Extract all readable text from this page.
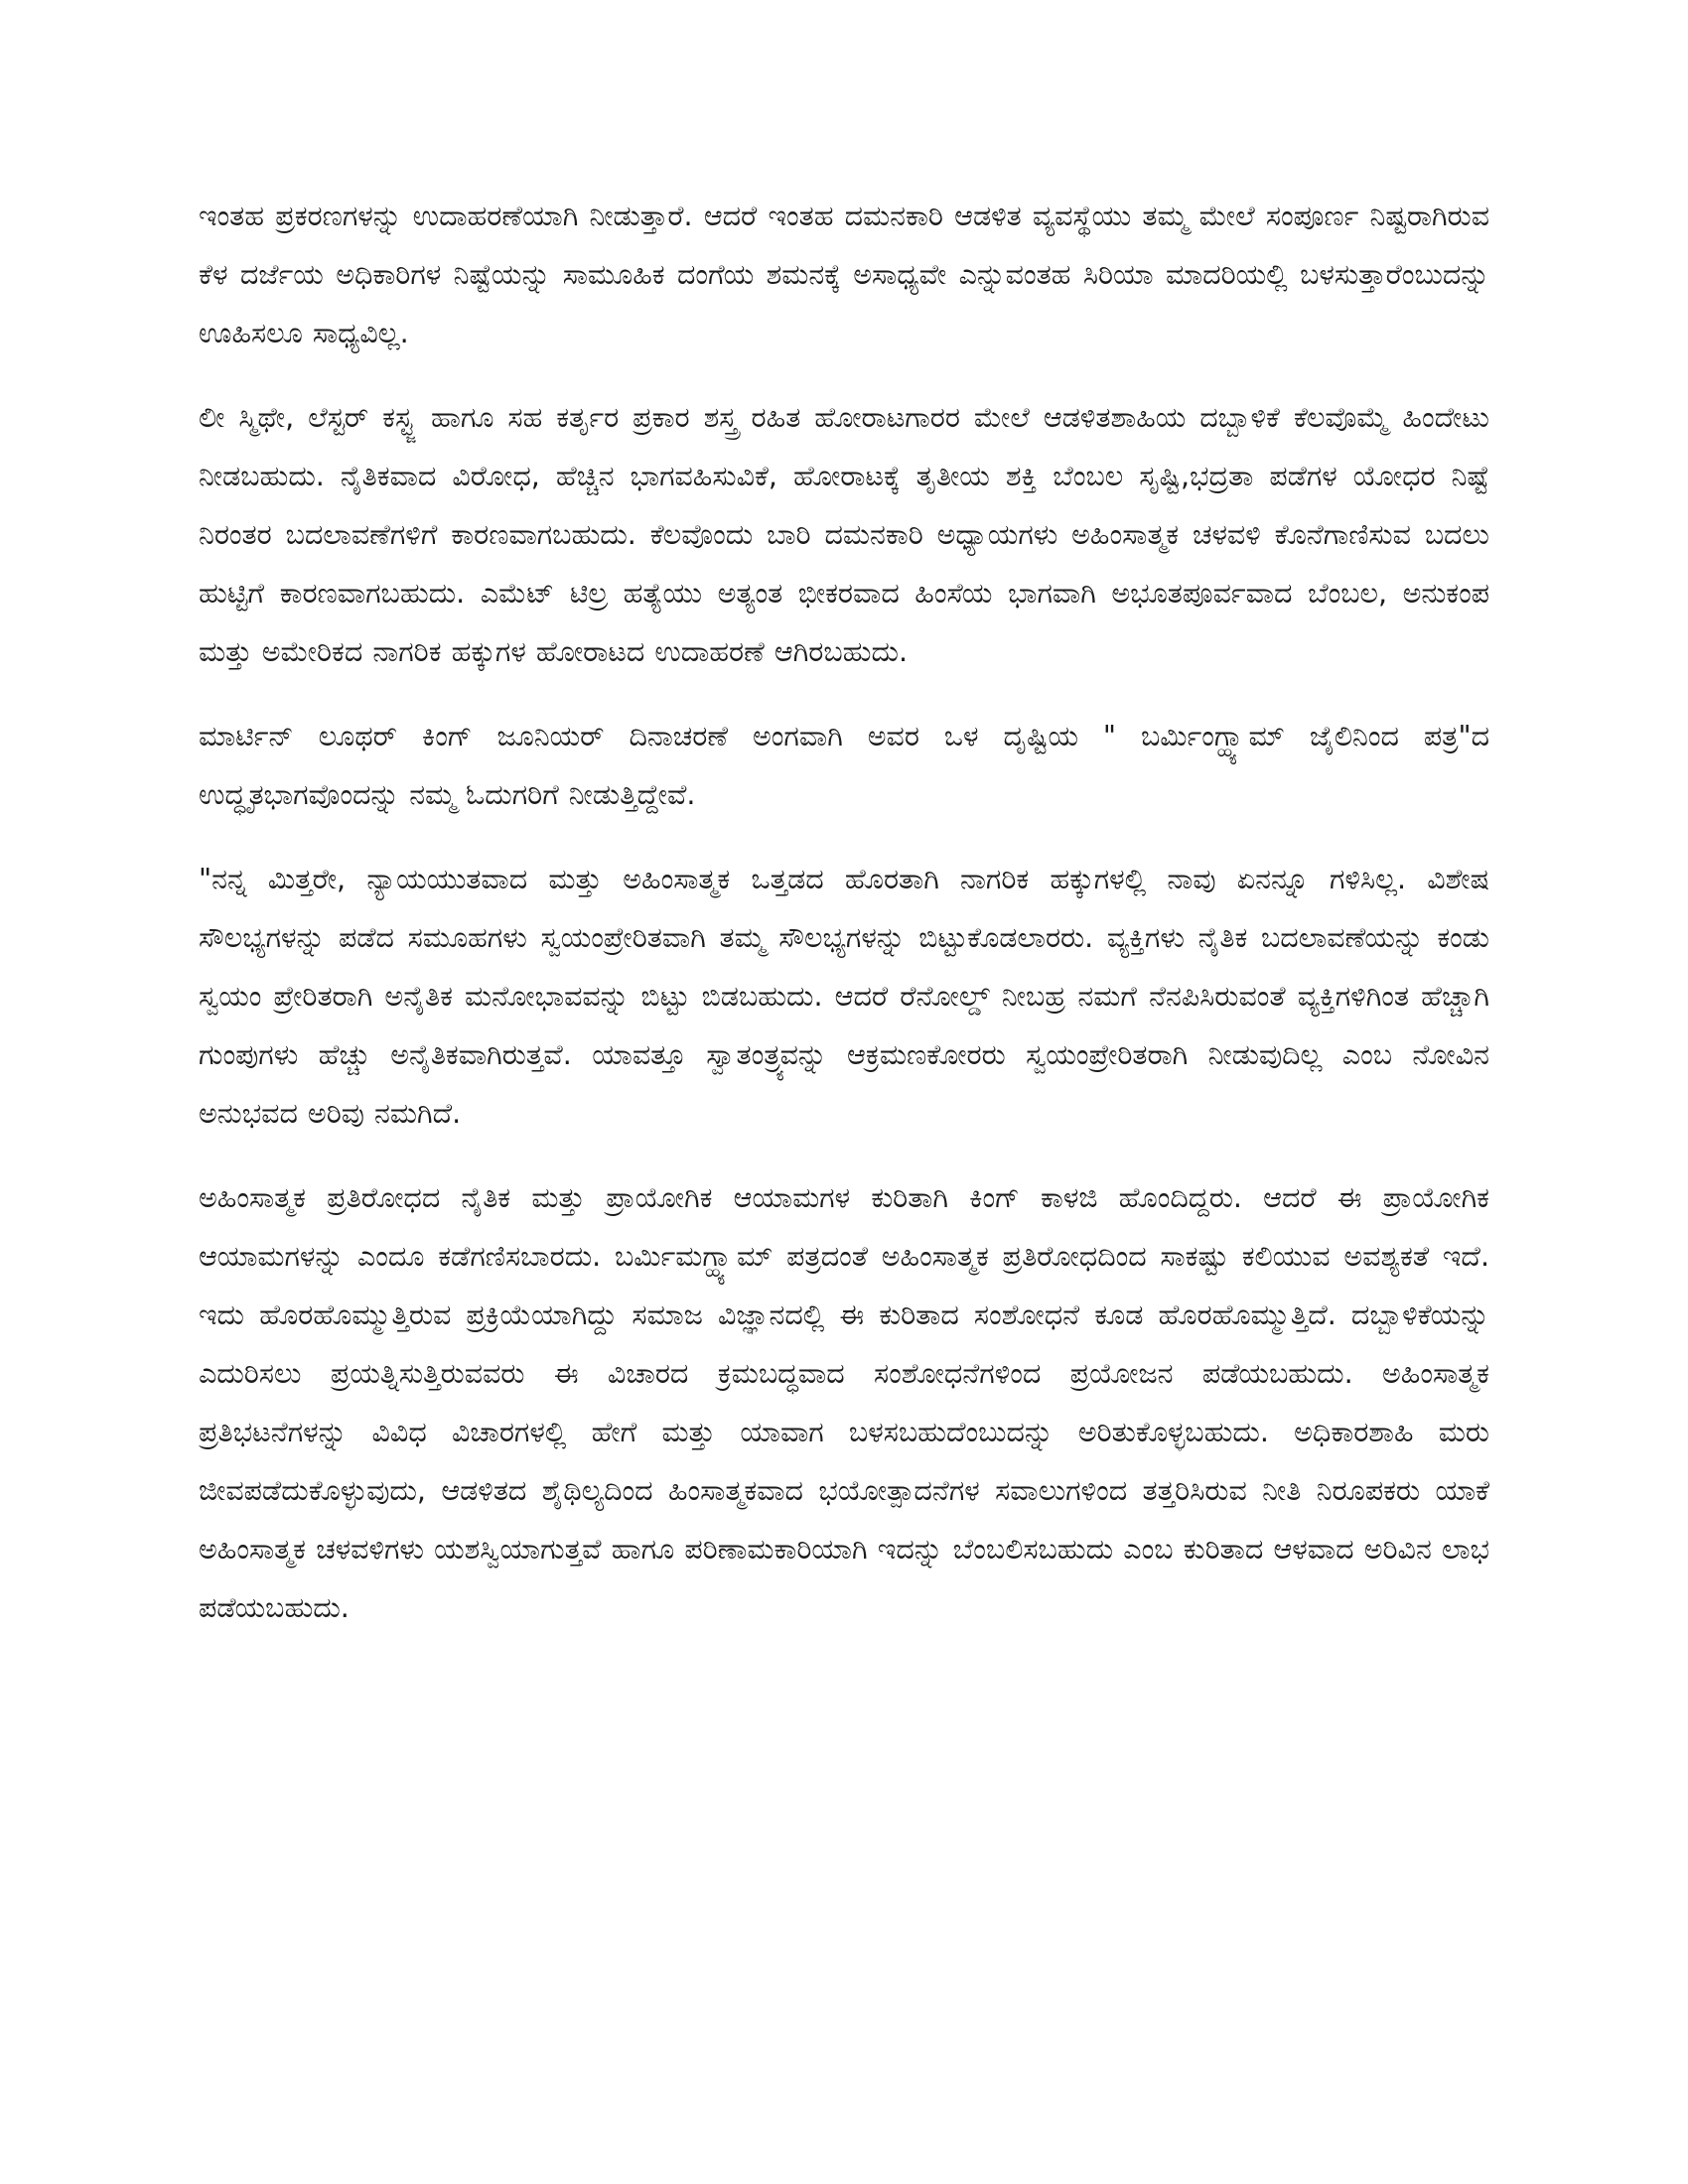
ಇಂತಹ ಪ್ರಕರಣಗಳನ್ನು ಉದಾಹರಣೆಯಾಗಿ ನೀಡುತ್ತಾರೆ. ಆದರೆ ಇಂತಹ ದಮನಕಾರಿ ಆಡಳಿತ ವ್ಯವಸ್ಥೆಯು ತಮ್ಮ ಮೇಲೆ ಸಂಪೂರ್ಣ ನಿಷ್ಟರಾಗಿರುವ ಕೆಳ ದರ್ಜೆಯ ಅಧಿಕಾರಿಗಳ ನಿಷ್ಟೆಯನ್ನು ಸಾಮೂಹಿಕ ದಂಗೆಯ ಶಮನಕ್ಕೆ ಅಸಾಧ್ಯವೇ ಎನ್ನುವಂತಹ ಸಿರಿಯಾ ಮಾದರಿಯಲ್ಲಿ ಬಳಸುತ್ತಾರೆಂಬುದನ್ನು ಊಹಿಸಲೂ ಸಾಧ್ಯವಿಲ್ಲ.

ಲೀ ಸ್ಮಿಥೇ, ಲೆಸ್ಟರ್ ಕಸ್ಟ್ಜ ಹಾಗೂ ಸಹ ಕರ್ತೃರ ಪ್ರಕಾರ ಶಸ್ತ್ರ ರಹಿತ ಹೋರಾಟಗಾರರ ಮೇಲೆ ಆಡಳಿತಶಾಹಿಯ ದಬ್ಬಾಳಿಕೆ ಕೆಲವೊಮ್ಮೆ ಹಿಂದೇಟು ನೀಡಬಹುದು. ನೈತಿಕವಾದ ವಿರೋಧ, ಹೆಚ್ಚಿನ ಭಾಗವಹಿಸುವಿಕೆ, ಹೋರಾಟಕ್ಕೆ ತೃತೀಯ ಶಕ್ತಿ ಬೆಂಬಲ ಸೃಷ್ಟಿ,ಭದ್ರತಾ ಪಡೆಗಳ ಯೋಧರ ನಿಷ್ಟೆ ನಿರಂತರ ಬದಲಾವಣೆಗಳಿಗೆ ಕಾರಣವಾಗಬಹುದು. ಕೆಲವೊಂದು ಬಾರಿ ದಮನಕಾರಿ ಅಧ್ಯಾಯಗಳು ಅಹಿಂಸಾತ್ಮಕ ಚಳವಳಿ ಕೊನೆಗಾಣಿಸುವ ಬದಲು ಹುಟ್ಟಿಗೆ ಕಾರಣವಾಗಬಹುದು. ಎಮೆಟ್ ಟಿಲ್ರ ಹತ್ಯೆಯು ಅತ್ಯಂತ ಭೀಕರವಾದ ಹಿಂಸೆಯ ಭಾಗವಾಗಿ ಅಭೂತಪೂರ್ವವಾದ ಬೆಂಬಲ, ಅನುಕಂಪ ಮತ್ತು ಅಮೇರಿಕದ ನಾಗರಿಕ ಹಕ್ಕುಗಳ ಹೋರಾಟದ ಉದಾಹರಣೆ ಆಗಿರಬಹುದು.

ಮಾರ್ಟಿನ್ ಲೂಥರ್ ಕಿಂಗ್ ಜೂನಿಯರ್ ದಿನಾಚರಣೆ ಅಂಗವಾಗಿ ಅವರ ಒಳ ದೃಷ್ಟಿಯ " ಬರ್ಮಿಂಗ್ಹ್ಯಾಮ್ ಜೈಲಿನಿಂದ ಪತ್ರ"ದ ಉದ್ಧೃತಭಾಗವೊಂದನ್ನು ನಮ್ಮ ಓದುಗರಿಗೆ ನೀಡುತ್ತಿದ್ದೇವೆ.

"ನನ್ನ ಮಿತ್ತರೇ, ನ್ಯಾಯಯುತವಾದ ಮತ್ತು ಅಹಿಂಸಾತ್ಮಕ ಒತ್ತಡದ ಹೊರತಾಗಿ ನಾಗರಿಕ ಹಕ್ಕುಗಳಲ್ಲಿ ನಾವು ಏನನ್ನೂ ಗಳಿಸಿಲ್ಲ. ವಿಶೇಷ ಸೌಲಭ್ಯಗಳನ್ನು ಪಡೆದ ಸಮೂಹಗಳು ಸ್ವಯಂಪ್ರೇರಿತವಾಗಿ ತಮ್ಮ ಸೌಲಭ್ಯಗಳನ್ನು ಬಿಟ್ಟುಕೊಡಲಾರರು. ವ್ಯಕ್ತಿಗಳು ನೈತಿಕ ಬದಲಾವಣೆಯನ್ನು ಕಂಡು ಸ್ವಯಂ ಪ್ರೇರಿತರಾಗಿ ಅನೈತಿಕ ಮನೋಭಾವವನ್ನು ಬಿಟ್ಟು ಬಿಡಬಹುದು. ಆದರೆ ರೆನೋಲ್ಡ್ ನೀಬಹ್ರ ನಮಗೆ ನೆನಪಿಸಿರುವಂತೆ ವ್ಯಕ್ತಿಗಳಿಗಿಂತ ಹೆಚ್ಚಾಗಿ ಗುಂಪುಗಳು ಹೆಚ್ಚು ಅನೈತಿಕವಾಗಿರುತ್ತವೆ. ಯಾವತ್ತೂ ಸ್ವಾತಂತ್ರ್ಯವನ್ನು ಆಕ್ರಮಣಕೋರರು ಸ್ವಯಂಪ್ರೇರಿತರಾಗಿ ನೀಡುವುದಿಲ್ಲ ಎಂಬ ನೋವಿನ ಅನುಭವದ ಅರಿವು ನಮಗಿದೆ.

ಅಹಿಂಸಾತ್ಮಕ ಪ್ರತಿರೋಧದ ನೈತಿಕ ಮತ್ತು ಪ್ರಾಯೋಗಿಕ ಆಯಾಮಗಳ ಕುರಿತಾಗಿ ಕಿಂಗ್ ಕಾಳಜಿ ಹೊಂದಿದ್ದರು. ಆದರೆ ಈ ಪ್ರಾಯೋಗಿಕ ಆಯಾಮಗಳನ್ನು ಎಂದೂ ಕಡೆಗಣಿಸಬಾರದು. ಬರ್ಮಿಮಗ್ಹ್ಯಾಮ್ ಪತ್ರದಂತೆ ಅಹಿಂಸಾತ್ಮಕ ಪ್ರತಿರೋಧದಿಂದ ಸಾಕಷ್ಟು ಕಲಿಯುವ ಅವಶ್ಯಕತೆ ಇದೆ. ಇದು ಹೊರಹೊಮ್ಮುತ್ತಿರುವ ಪ್ರಕ್ರಿಯೆಯಾಗಿದ್ದು ಸಮಾಜ ವಿಜ್ಞಾನದಲ್ಲಿ ಈ ಕುರಿತಾದ ಸಂಶೋಧನೆ ಕೂಡ ಹೊರಹೊಮ್ಮುತ್ತಿದೆ. ದಬ್ಬಾಳಿಕೆಯನ್ನು ಎದುರಿಸಲು ಪ್ರಯತ್ನಿಸುತ್ತಿರುವವರು ಈ ವಿಚಾರದ ಕ್ರಮಬದ್ಧವಾದ ಸಂಶೋಧನೆಗಳಿಂದ ಪ್ರಯೋಜನ ಪಡೆಯಬಹುದು. ಅಹಿಂಸಾತ್ಮಕ ಪ್ರತಿಭಟನೆಗಳನ್ನು ವಿವಿಧ ವಿಚಾರಗಳಲ್ಲಿ ಹೇಗೆ ಮತ್ತು ಯಾವಾಗ ಬಳಸಬಹುದೆಂಬುದನ್ನು ಅರಿತುಕೊಳ್ಳಬಹುದು. ಅಧಿಕಾರಶಾಹಿ ಮರು ಜೀವಪಡೆದುಕೊಳ್ಳುವುದು, ಆಡಳಿತದ ಶೈಥಿಲ್ಯದಿಂದ ಹಿಂಸಾತ್ಮಕವಾದ ಭಯೋತ್ಪಾದನೆಗಳ ಸವಾಲುಗಳಿಂದ ತತ್ತರಿಸಿರುವ ನೀತಿ ನಿರೂಪಕರು ಯಾಕೆ ಅಹಿಂಸಾತ್ಮಕ ಚಳವಳಿಗಳು ಯಶಸ್ವಿಯಾಗುತ್ತವೆ ಹಾಗೂ ಪರಿಣಾಮಕಾರಿಯಾಗಿ ಇದನ್ನು ಬೆಂಬಲಿಸಬಹುದು ಎಂಬ ಕುರಿತಾದ ಆಳವಾದ ಅರಿವಿನ ಲಾಭ ಪಡೆಯಬಹುದು.
